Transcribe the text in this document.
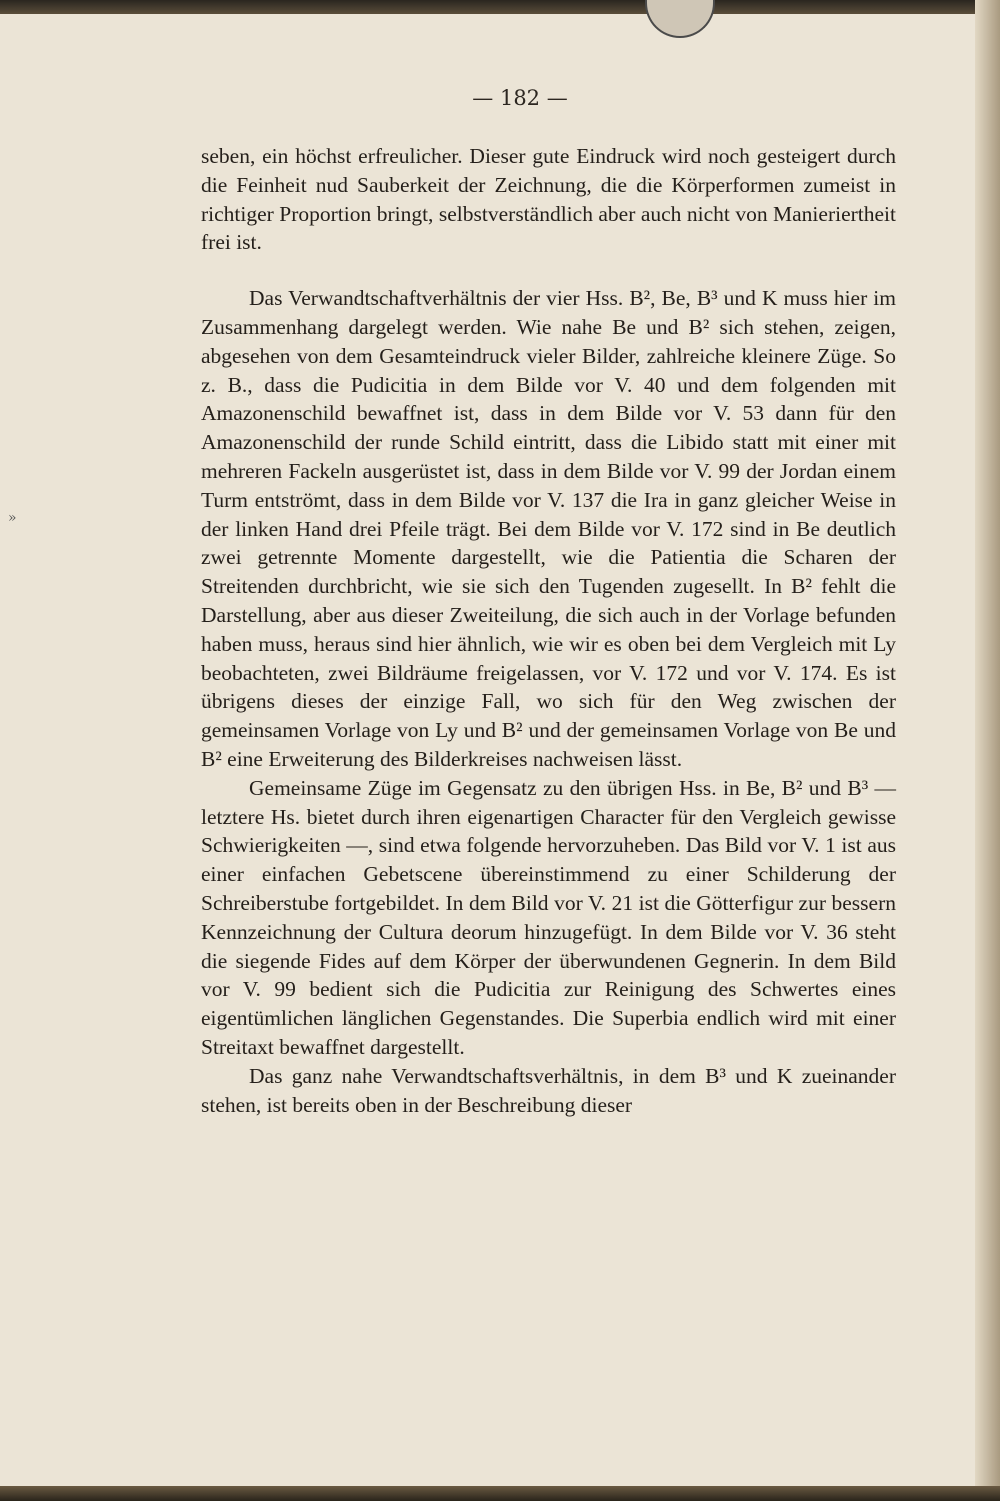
»
— 182 —

seben, ein höchst erfreulicher. Dieser gute Eindruck wird noch gesteigert durch die Feinheit nud Sauberkeit der Zeichnung, die die Körperformen zumeist in richtiger Proportion bringt, selbstverständlich aber auch nicht von Manieriertheit frei ist.

Das Verwandtschaftverhältnis der vier Hss. B², Be, B³ und K muss hier im Zusammenhang dargelegt werden. Wie nahe Be und B² sich stehen, zeigen, abgesehen von dem Gesamteindruck vieler Bilder, zahlreiche kleinere Züge. So z. B., dass die Pudicitia in dem Bilde vor V. 40 und dem folgenden mit Amazonenschild bewaffnet ist, dass in dem Bilde vor V. 53 dann für den Amazonenschild der runde Schild eintritt, dass die Libido statt mit einer mit mehreren Fackeln ausgerüstet ist, dass in dem Bilde vor V. 99 der Jordan einem Turm entströmt, dass in dem Bilde vor V. 137 die Ira in ganz gleicher Weise in der linken Hand drei Pfeile trägt. Bei dem Bilde vor V. 172 sind in Be deutlich zwei getrennte Momente dargestellt, wie die Patientia die Scharen der Streitenden durchbricht, wie sie sich den Tugenden zugesellt. In B² fehlt die Darstellung, aber aus dieser Zweiteilung, die sich auch in der Vorlage befunden haben muss, heraus sind hier ähnlich, wie wir es oben bei dem Vergleich mit Ly beobachteten, zwei Bildräume freigelassen, vor V. 172 und vor V. 174. Es ist übrigens dieses der einzige Fall, wo sich für den Weg zwischen der gemeinsamen Vorlage von Ly und B² und der gemeinsamen Vorlage von Be und B² eine Erweiterung des Bilderkreises nachweisen lässt.

Gemeinsame Züge im Gegensatz zu den übrigen Hss. in Be, B² und B³ — letztere Hs. bietet durch ihren eigenartigen Character für den Vergleich gewisse Schwierigkeiten —, sind etwa folgende hervorzuheben. Das Bild vor V. 1 ist aus einer einfachen Gebetscene übereinstimmend zu einer Schilderung der Schreiberstube fortgebildet. In dem Bild vor V. 21 ist die Götterfigur zur bessern Kennzeichnung der Cultura deorum hinzugefügt. In dem Bilde vor V. 36 steht die siegende Fides auf dem Körper der überwundenen Gegnerin. In dem Bild vor V. 99 bedient sich die Pudicitia zur Reinigung des Schwertes eines eigentümlichen länglichen Gegenstandes. Die Superbia endlich wird mit einer Streitaxt bewaffnet dargestellt.

Das ganz nahe Verwandtschaftsverhältnis, in dem B³ und K zueinander stehen, ist bereits oben in der Beschreibung dieser
